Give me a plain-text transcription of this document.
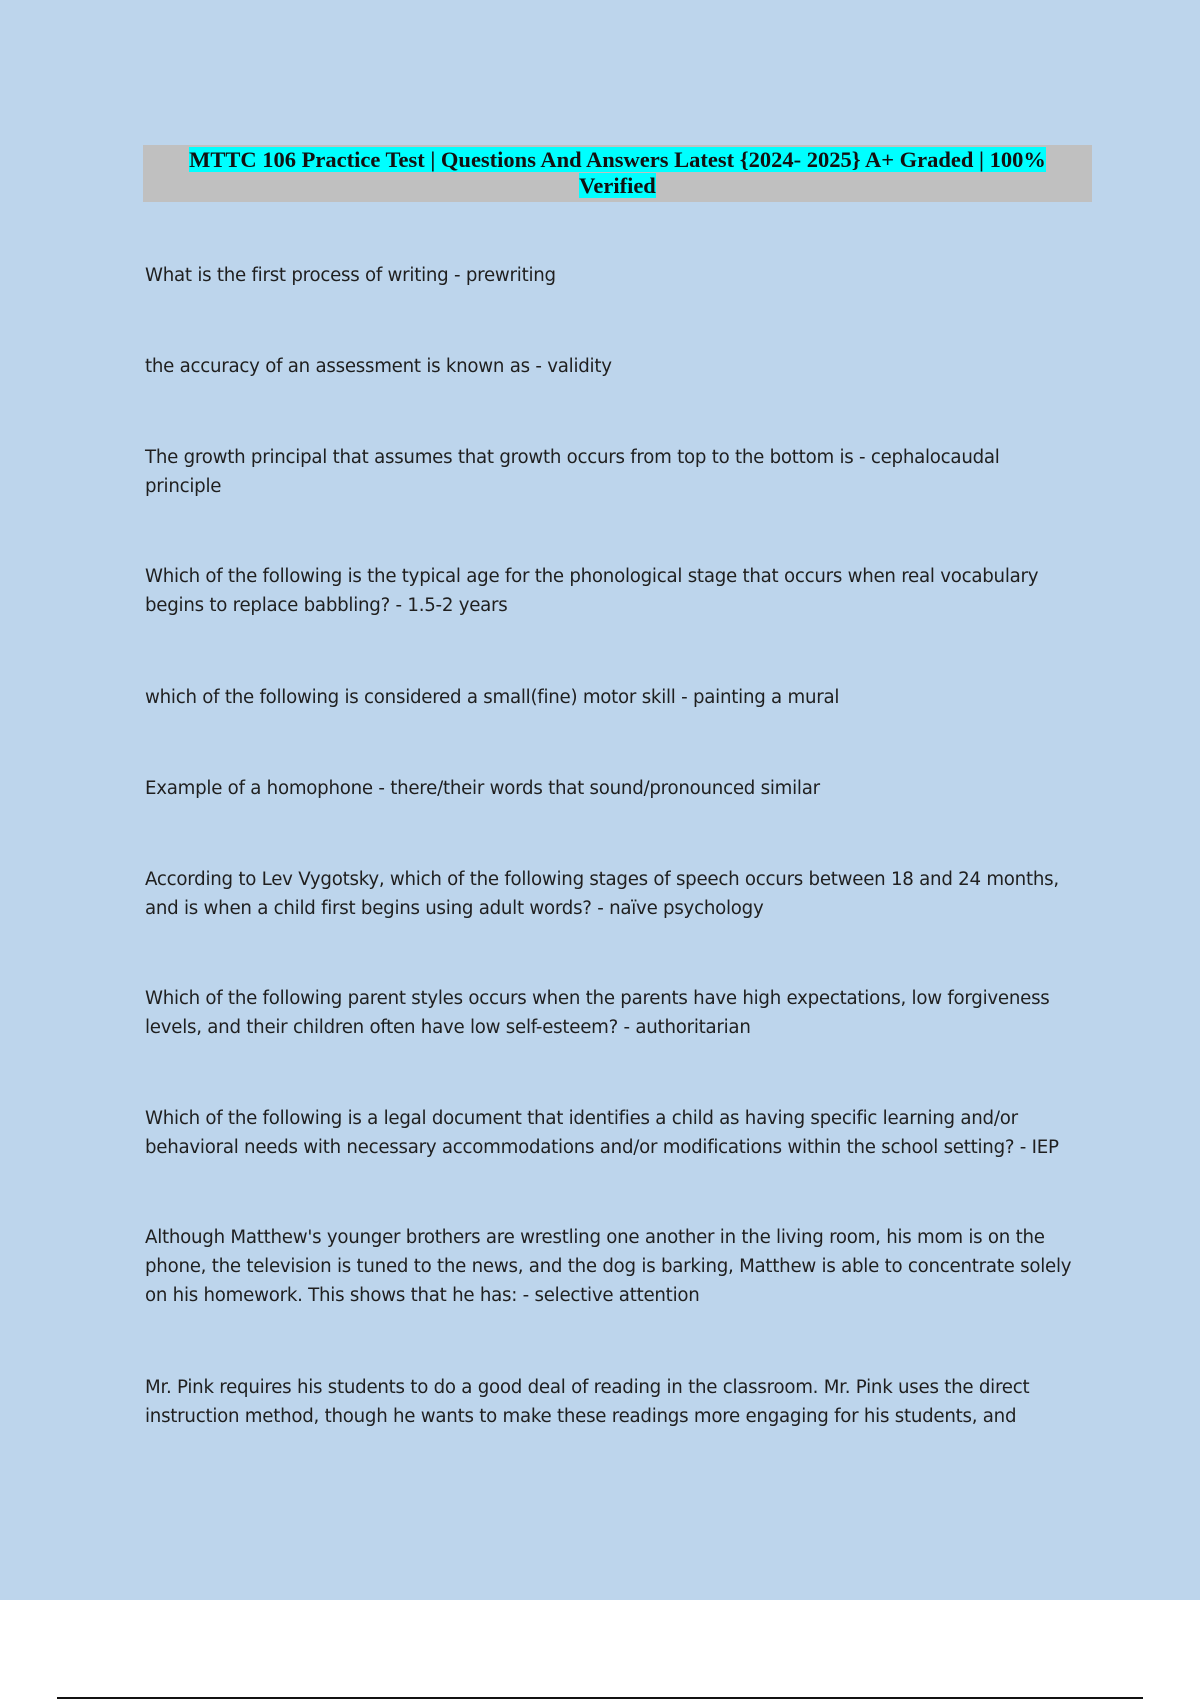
MTTC 106 Practice Test | Questions And Answers Latest {2024- 2025} A+ Graded | 100%
Verified

What is the first process of writing - prewriting

the accuracy of an assessment is known as - validity

The growth principal that assumes that growth occurs from top to the bottom is - cephalocaudal
principle

Which of the following is the typical age for the phonological stage that occurs when real vocabulary
begins to replace babbling? - 1.5-2 years

which of the following is considered a small(fine) motor skill - painting a mural

Example of a homophone - there/their words that sound/pronounced similar

According to Lev Vygotsky, which of the following stages of speech occurs between 18 and 24 months,
and is when a child first begins using adult words? - naïve psychology

Which of the following parent styles occurs when the parents have high expectations, low forgiveness
levels, and their children often have low self-esteem? - authoritarian

Which of the following is a legal document that identifies a child as having specific learning and/or
behavioral needs with necessary accommodations and/or modifications within the school setting? - IEP

Although Matthew's younger brothers are wrestling one another in the living room, his mom is on the
phone, the television is tuned to the news, and the dog is barking, Matthew is able to concentrate solely
on his homework. This shows that he has: - selective attention

Mr. Pink requires his students to do a good deal of reading in the classroom. Mr. Pink uses the direct
instruction method, though he wants to make these readings more engaging for his students, and
